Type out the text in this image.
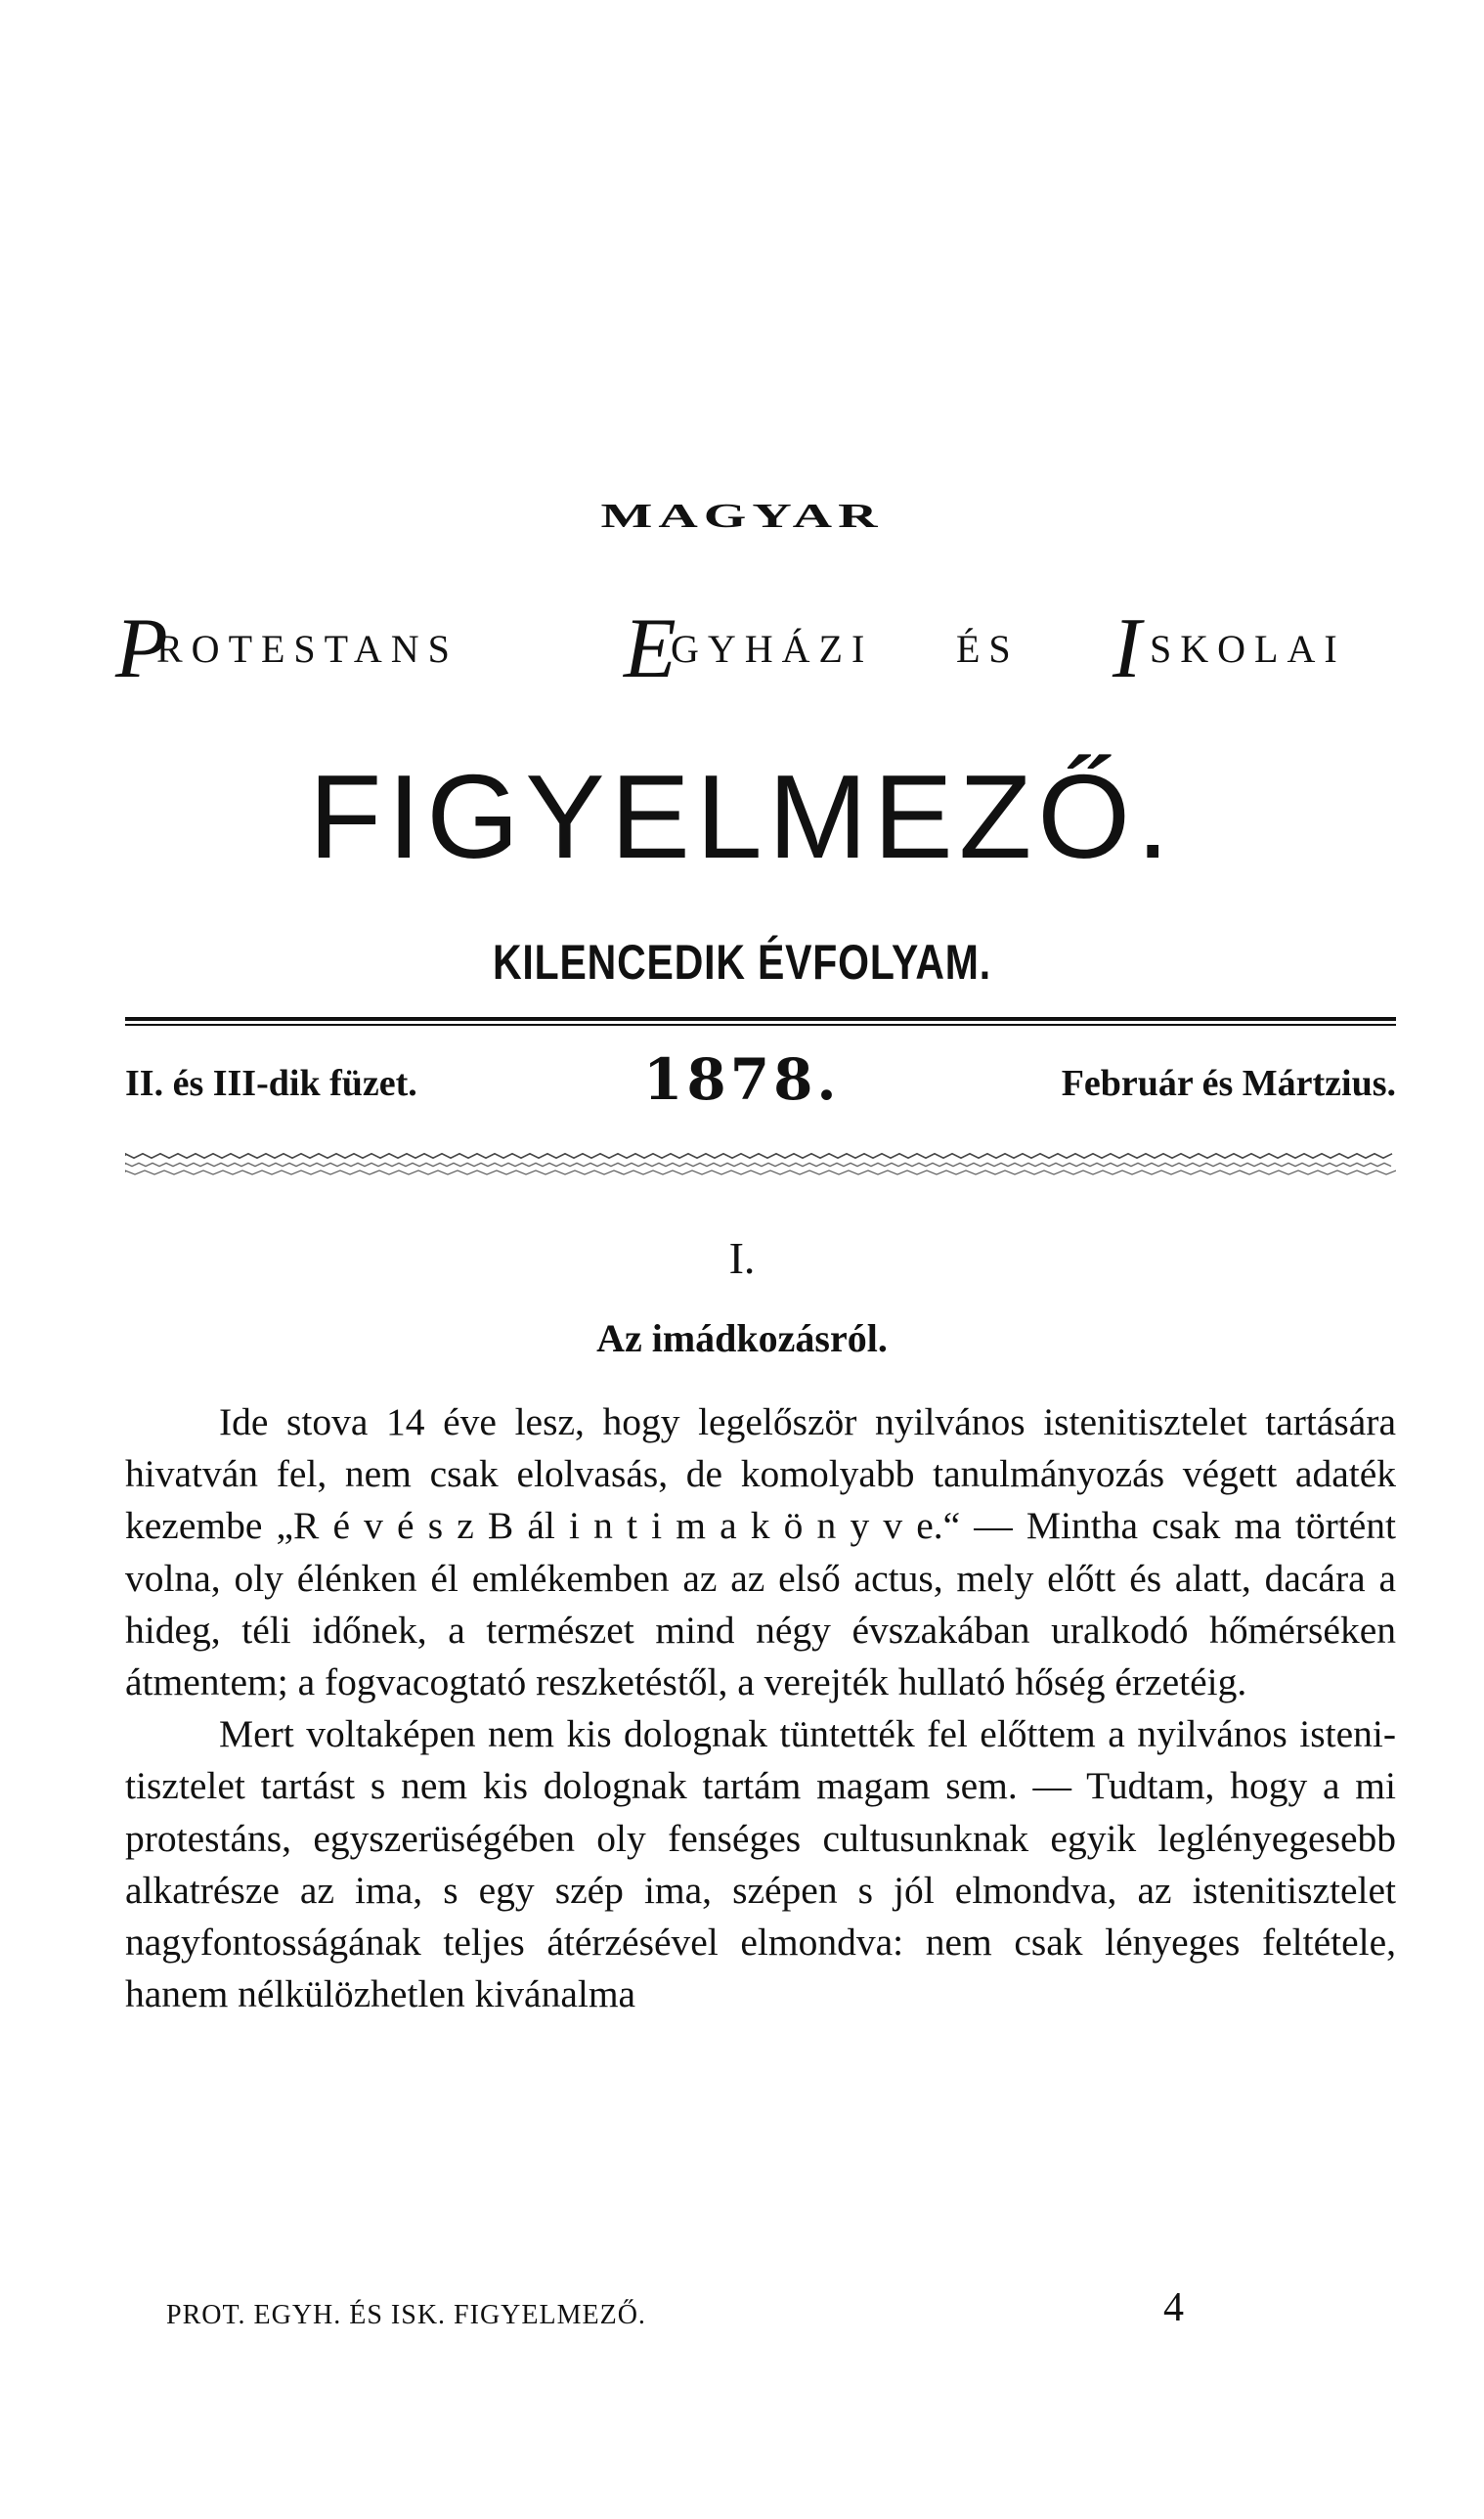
MAGYAR
P
ROTESTANS E
GYHÁZI ÉS I SKOLAI
FIGYELMEZŐ.
KILENCEDIK ÉVFOLYAM.
II. és III-dik füzet.	1878.	Február és Mártzius.
I.
Az imádkozásról.

Ide stova 14 éve lesz, hogy legelőször nyilvános istenitisztelet tartására hivatván fel, nem csak elolvasás, de komolyabb tanulmányozás végett adaték kezembe „R é v é s z B ál i n t i m a k ö n y v e.“ — Mintha csak ma történt volna, oly élénken él emlékemben az az első actus, mely előtt és alatt, dacára a hideg, téli időnek, a természet mind négy évszakában uralkodó hőmérséken átmentem; a fogvacogtató reszketéstől, a verejték hullató hőség érzetéig.

Mert voltaképen nem kis dolognak tüntették fel előttem a nyilvános isteni-tisztelet tartást s nem kis dolognak tartám magam sem. — Tudtam, hogy a mi protestáns, egyszerüségében oly fenséges cultusunknak egyik leglényegesebb alkatrésze az ima, s egy szép ima, szépen s jól elmondva, az istenitisztelet nagyfontosságának teljes átérzésével elmondva: nem csak lényeges feltétele, hanem nélkülözhetlen kivánalma

PROT. EGYH. ÉS ISK. FIGYELMEZŐ.	4
